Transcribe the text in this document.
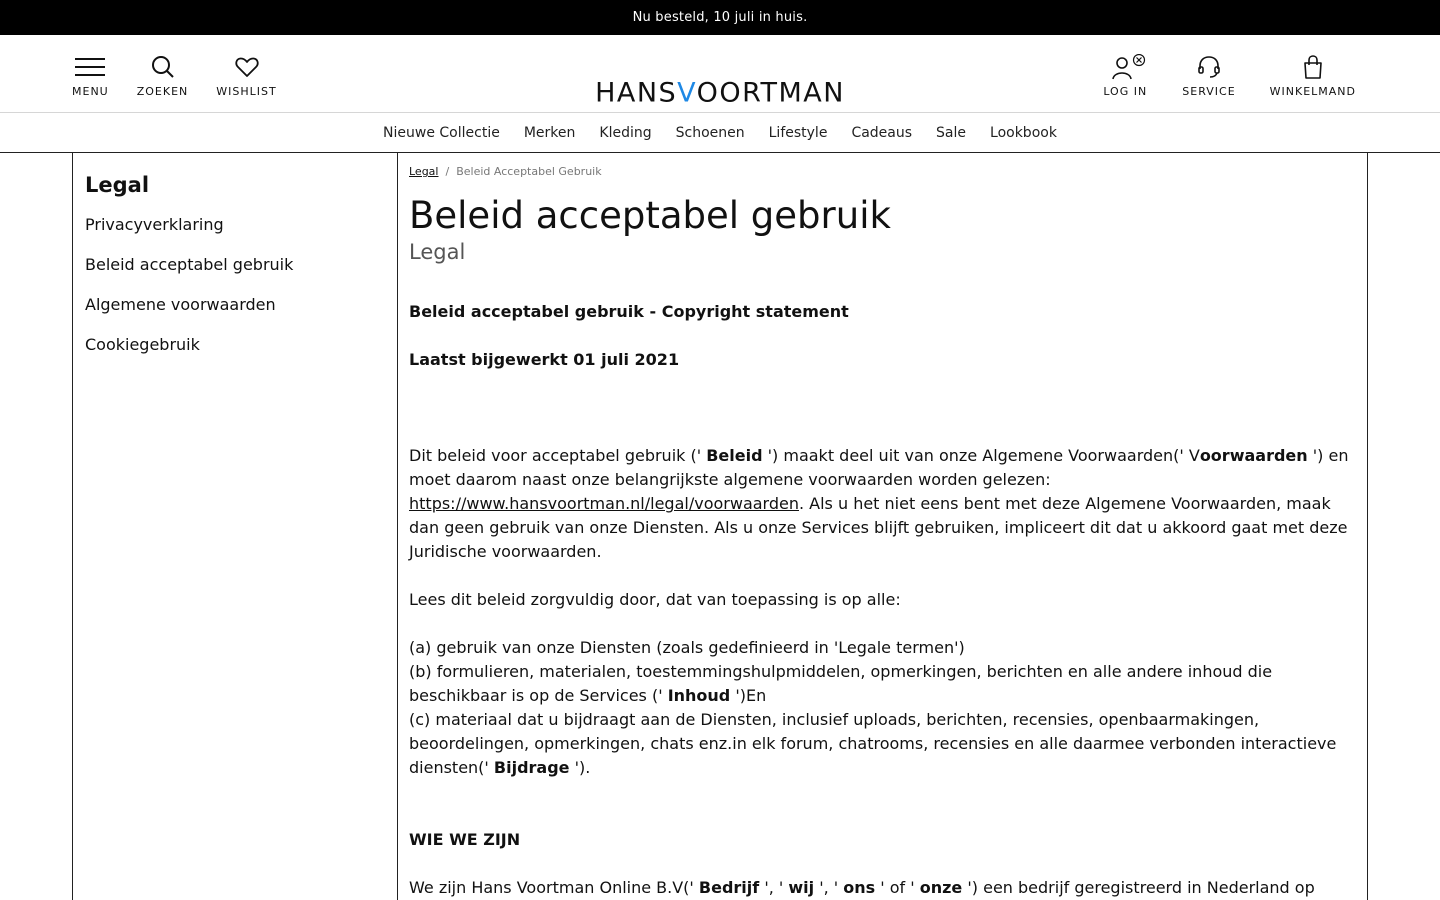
Nu besteld, 10 juli in huis.
MENU	ZOEKEN	WISHLIST	HANSVOORTMAN	LOG IN	SERVICE	WINKELMAND
Nieuwe Collectie Merken Kleding Schoenen Lifestyle Cadeaus Sale Lookbook
Legal
Privacyverklaring
Beleid acceptabel gebruik
Algemene voorwaarden
Cookiegebruik
Legal / Beleid Acceptabel Gebruik
Beleid acceptabel gebruik
Legal

Beleid acceptabel gebruik - Copyright statement

Laatst bijgewerkt 01 juli 2021

Dit beleid voor acceptabel gebruik (' Beleid ') maakt deel uit van onze Algemene Voorwaarden(' Voorwaarden ') en moet daarom naast onze belangrijkste algemene voorwaarden worden gelezen: https://www.hansvoortman.nl/legal/voorwaarden. Als u het niet eens bent met deze Algemene Voorwaarden, maak dan geen gebruik van onze Diensten. Als u onze Services blijft gebruiken, impliceert dit dat u akkoord gaat met deze Juridische voorwaarden.

Lees dit beleid zorgvuldig door, dat van toepassing is op alle:

(a) gebruik van onze Diensten (zoals gedefinieerd in 'Legale termen')

(b) formulieren, materialen, toestemmingshulpmiddelen, opmerkingen, berichten en alle andere inhoud die beschikbaar is op de Services (' Inhoud ')En

(c) materiaal dat u bijdraagt aan de Diensten, inclusief uploads, berichten, recensies, openbaarmakingen, beoordelingen, opmerkingen, chats enz.in elk forum, chatrooms, recensies en alle daarmee verbonden interactieve diensten(' Bijdrage ').

WIE WE ZIJN

We zijn Hans Voortman Online B.V(' Bedrijf ', ' wij ', ' ons ' of ' onze ') een bedrijf geregistreerd in Nederland op
